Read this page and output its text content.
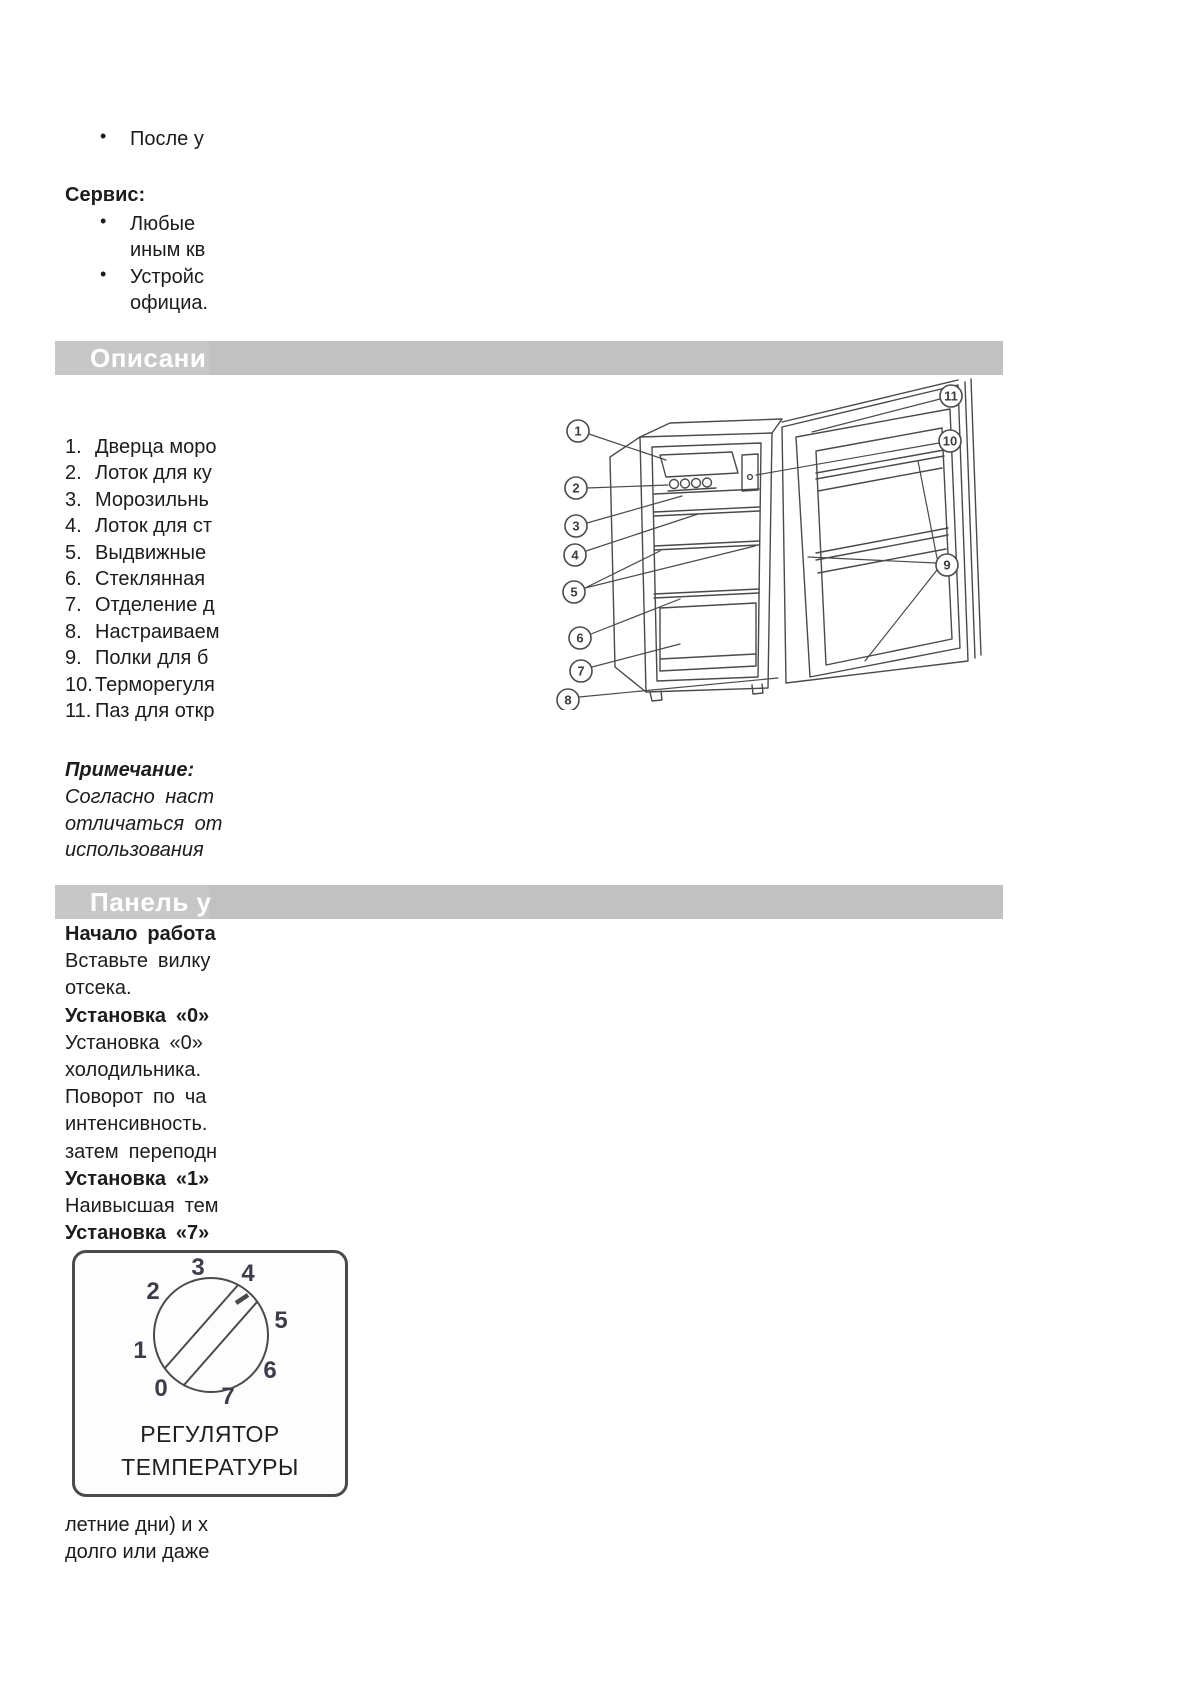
• После у
Сервис:
• Любые
иным кв
• Устройс
официа.
Описани
1
2
3
4
5
6
7
8
9
10
11
1. Дверца моро
2. Лоток для ку
3. Морозильнь
4. Лоток для ст
5. Выдвижные
6. Стеклянная
7. Отделение д
8. Настраиваем
9. Полки для б
10. Терморегуля
11. Паз для откр
Примечание:
Согласно наст
отличаться от
использования
Панель у
Начало работа
Вставьте вилку
отсека.
Установка «0»
Установка «0»
холодильника.
Поворот по ча
интенсивность.
затем переподн
Установка «1»
Наивысшая тем
Установка «7»
0
1
2
3 4
5
6
7
РЕГУЛЯТОР
ТЕМПЕРАТУРЫ
летние дни) и х
долго или даже
